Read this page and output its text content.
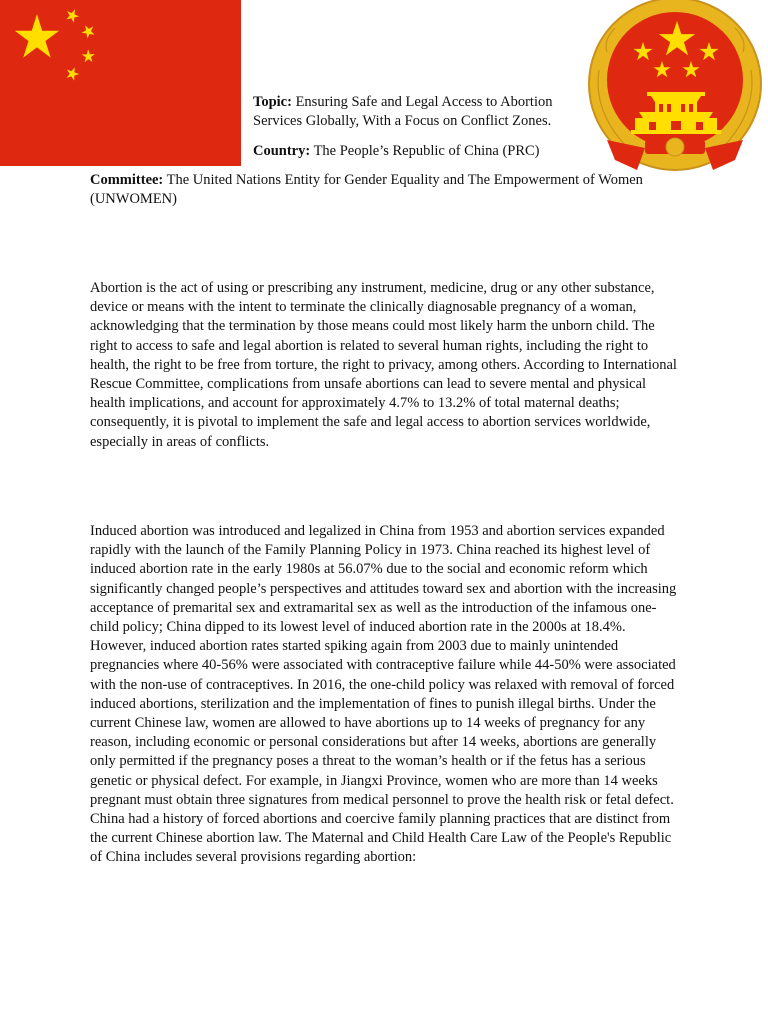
Topic: Ensuring Safe and Legal Access to Abortion Services Globally, With a Focus on Conflict Zones.
Country: The People’s Republic of China (PRC)
Committee: The United Nations Entity for Gender Equality and The Empowerment of Women (UNWOMEN)

Abortion is the act of using or prescribing any instrument, medicine, drug or any other substance, device or means with the intent to terminate the clinically diagnosable pregnancy of a woman, acknowledging that the termination by those means could most likely harm the unborn child. The right to access to safe and legal abortion is related to several human rights, including the right to health, the right to be free from torture, the right to privacy, among others. According to International Rescue Committee, complications from unsafe abortions can lead to severe mental and physical health implications, and account for approximately 4.7% to 13.2% of total maternal deaths; consequently, it is pivotal to implement the safe and legal access to abortion services worldwide, especially in areas of conflicts.

Induced abortion was introduced and legalized in China from 1953 and abortion services expanded rapidly with the launch of the Family Planning Policy in 1973. China reached its highest level of induced abortion rate in the early 1980s at 56.07% due to the social and economic reform which significantly changed people’s perspectives and attitudes toward sex and abortion with the increasing acceptance of premarital sex and extramarital sex as well as the introduction of the infamous one-child policy; China dipped to its lowest level of induced abortion rate in the 2000s at 18.4%. However, induced abortion rates started spiking again from 2003 due to mainly unintended pregnancies where 40-56% were associated with contraceptive failure while 44-50% were associated with the non-use of contraceptives. In 2016, the one-child policy was relaxed with removal of forced induced abortions, sterilization and the implementation of fines to punish illegal births. Under the current Chinese law, women are allowed to have abortions up to 14 weeks of pregnancy for any reason, including economic or personal considerations but after 14 weeks, abortions are generally only permitted if the pregnancy poses a threat to the woman’s health or if the fetus has a serious genetic or physical defect. For example, in Jiangxi Province, women who are more than 14 weeks pregnant must obtain three signatures from medical personnel to prove the health risk or fetal defect. China had a history of forced abortions and coercive family planning practices that are distinct from the current Chinese abortion law. The Maternal and Child Health Care Law of the People's Republic of China includes several provisions regarding abortion:
